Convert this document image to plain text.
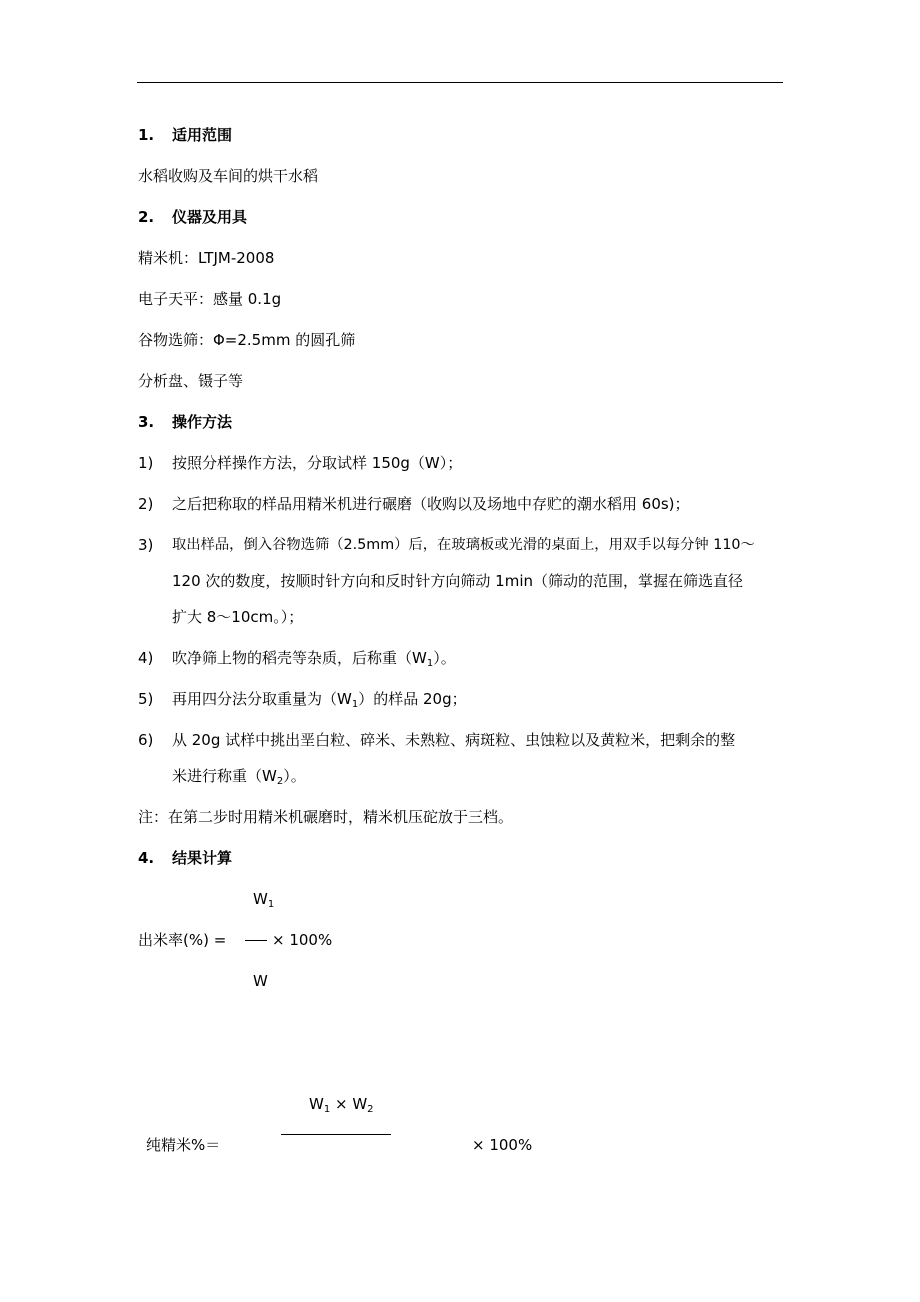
1. 适用范围
水稻收购及车间的烘干水稻
2. 仪器及用具
精米机：LTJM-2008
电子天平：感量 0.1g
谷物选筛：Φ=2.5mm 的圆孔筛
分析盘、镊子等
3. 操作方法
1) 按照分样操作方法，分取试样 150g（W）；
2) 之后把称取的样品用精米机进行碾磨（收购以及场地中存贮的潮水稻用 60s)；
3) 取出样品，倒入谷物选筛（2.5mm）后，在玻璃板或光滑的桌面上，用双手以每分钟 110～
120 次的数度，按顺时针方向和反时针方向筛动 1min（筛动的范围，掌握在筛选直径
扩大 8～10cm。）；
4) 吹净筛上物的稻壳等杂质，后称重$(W_1)$。
5) 再用四分法分取重量为$(W_1)$的样品 20g；
6) 从 20g 试样中挑出垩白粒、碎米、未熟粒、病斑粒、虫蚀粒以及黄粒米，把剩余的整
米进行称重$(W_2)$。
注：在第二步时用精米机碾磨时，精米机压砣放于三档。
4. 结果计算
$W_1$
出米率(%) =	× 100%
W
$W_1 \times W_2$
纯精米%＝	× 100%
